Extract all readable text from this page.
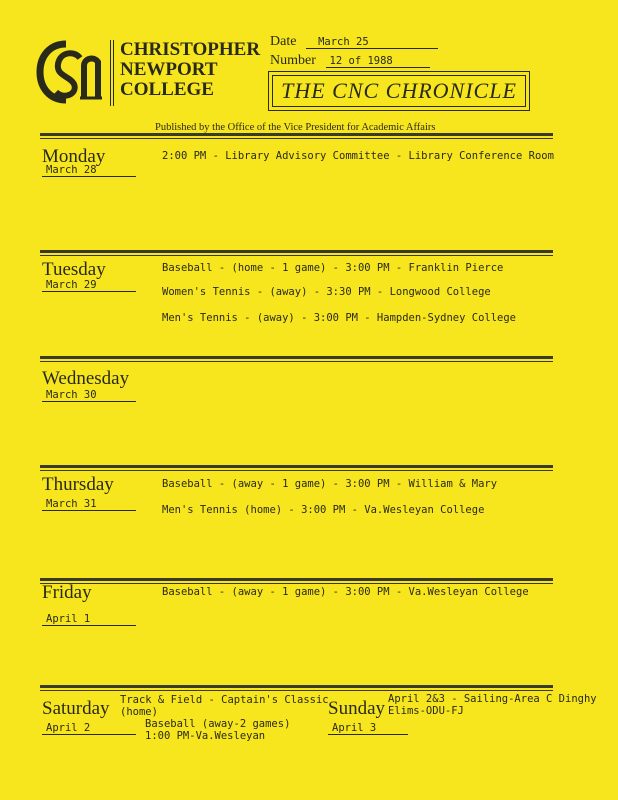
CHRISTOPHER
NEWPORT
COLLEGE
Date March 25
Number 12 of 1988
THE CNC CHRONICLE
Published by the Office of the Vice President for Academic Affairs
Monday
March 28
2:00 PM - Library Advisory Committee - Library Conference Room
Tuesday
March 29
Baseball - (home - 1 game) - 3:00 PM - Franklin Pierce
Women's Tennis - (away) - 3:30 PM - Longwood College
Men's Tennis - (away) - 3:00 PM - Hampden-Sydney College
Wednesday
March 30
Thursday
March 31
Baseball - (away - 1 game) - 3:00 PM - William & Mary
Men's Tennis (home) - 3:00 PM - Va.Wesleyan College
Friday
April 1
Baseball - (away - 1 game) - 3:00 PM - Va.Wesleyan College
Saturday
April 2
Track & Field - Captain's Classic
(home)
Baseball (away-2 games)
1:00 PM-Va.Wesleyan
Sunday
April 3
April 2&3 - Sailing-Area C Dinghy
Elims-ODU-FJ
